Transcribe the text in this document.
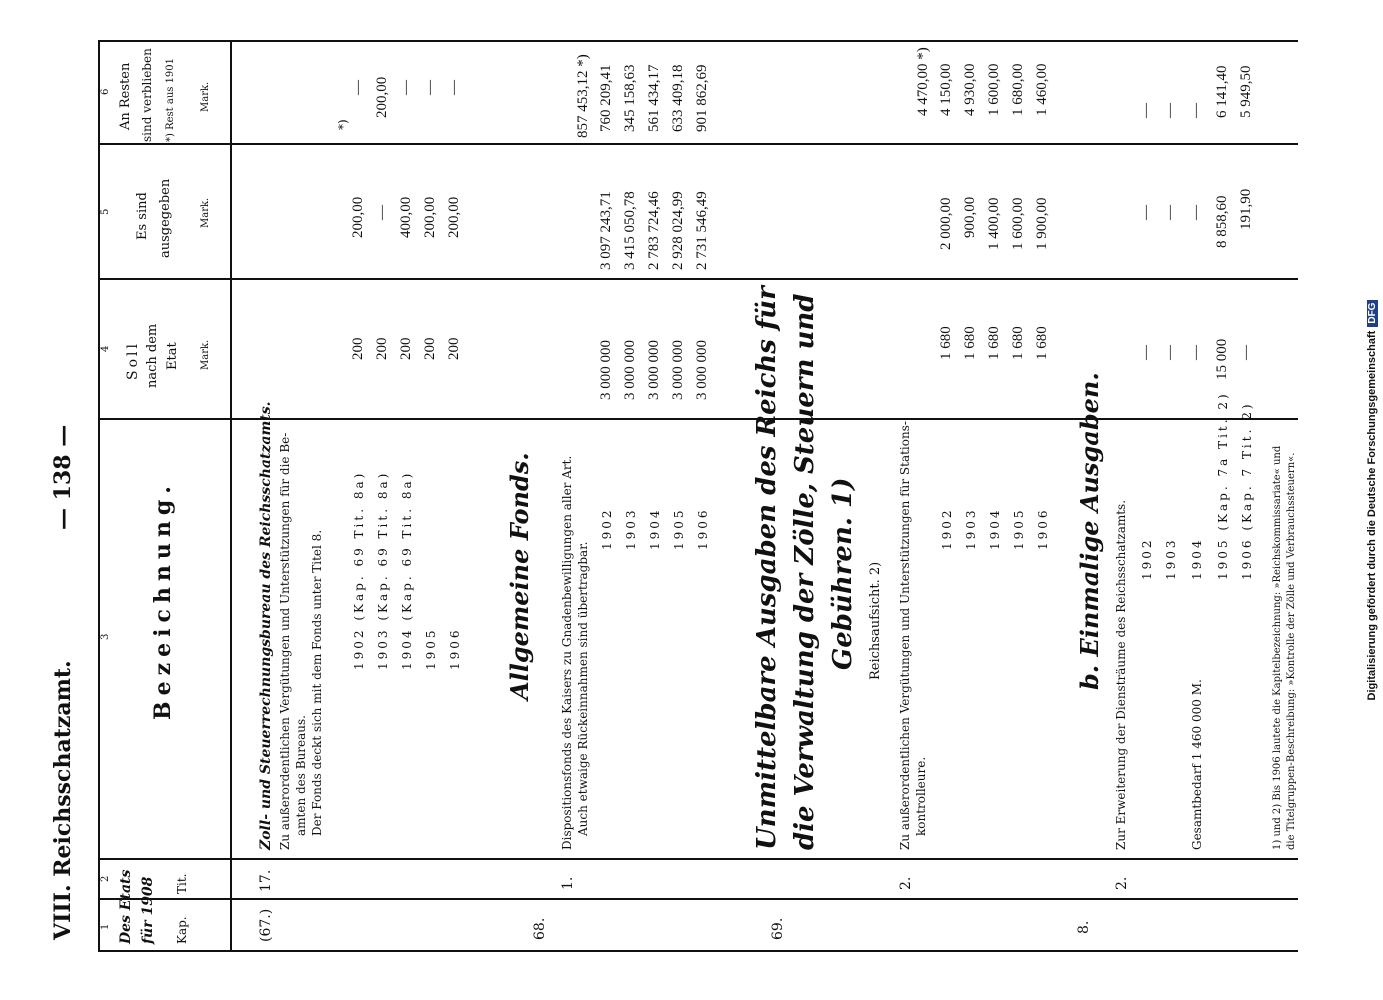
VIII. Reichsschatzamt.
— 138 —
1
2
3
4
5
6
Des Etats für 1908 Kap.
Tit.
Bezeichnung.
Soll nach dem Etat Mark.
Es sind ausgegeben	Mark.
An Resten sind verblieben *) Rest aus 1901 Mark.
(67.)
17.
Zoll- und Steuerrechnungsbureau des Reichsschatzamts. Zu außerordentlichen Vergütungen und Unterstützungen für die Be- amten des Bureaus. Der Fonds deckt sich mit dem Fonds unter Titel 8.
*)
1902 (Kap. 69 Tit. 8a)
200
200,00
—
1903 (Kap. 69 Tit. 8a)
200
—
200,00
1904 (Kap. 69 Tit. 8a)
200
400,00
—
1905
200
200,00
—
1906
200
200,00
—
68.
1.
Allgemeine Fonds. Dispositionsfonds des Kaisers zu Gnadenbewilligungen aller Art. Auch etwaige Rückeinnahmen sind übertragbar.
857 453,12 *)
1902
3 000 000
3 097 243,71
760 209,41
1903
3 000 000
3 415 050,78
345 158,63
1904
3 000 000
2 783 724,46
561 434,17
1905
3 000 000
2 928 024,99
633 409,18
1906
3 000 000
2 731 546,49
901 862,69
69.
Unmittelbare Ausgaben des Reichs für die Verwaltung der Zölle, Steuern und Gebühren. 1) Reichsaufsicht. 2)
2.
Zu außerordentlichen Vergütungen und Unterstützungen für Stations- kontrolleure.
4 470,00 *)
1902
1 680
2 000,00
4 150,00
1903
1 680
900,00
4 930,00
1904
1 680
1 400,00
1 600,00
1905
1 680
1 600,00
1 680,00
1906
1 680
1 900,00
1 460,00
8.
b. Einmalige Ausgaben.
2.
Zur Erweiterung der Diensträume des Reichsschatzamts. 1902
—
—
—
1903
—
—
—
Gesamtbedarf 1 460 000 M.
1904
—
—
—
1905 (Kap. 7a Tit. 2)
15 000
8 858,60
6 141,40
1906 (Kap. 7 Tit. 2)
—
191,90
5 949,50
1) und 2) Bis 1906 lautete die Kapitelbezeichnung: »Reichskommissariate« und die Titelgruppen-Beschreibung: »Kontrolle der Zölle und Verbrauchssteuern«.	Digitalisierung gefördert durch die Deutsche ForschungsgemeinschaftDFG
